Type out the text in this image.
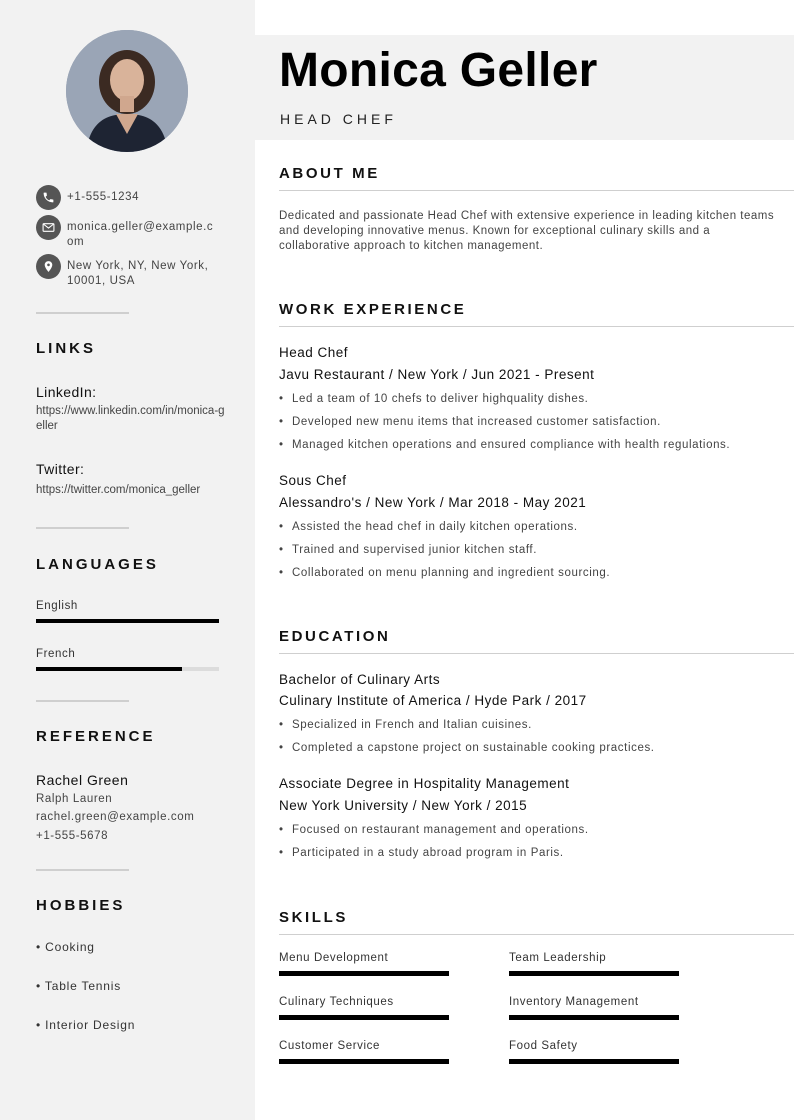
+1-555-1234
monica.geller@example.com
New York, NY, New York, 10001, USA
LINKS
LinkedIn:
https://www.linkedin.com/in/monica-geller
Twitter:
https://twitter.com/monica_geller
LANGUAGES
English
French
REFERENCE
Rachel Green
Ralph Lauren
rachel.green@example.com
+1-555-5678
HOBBIES
• Cooking
• Table Tennis
• Interior Design
Monica Geller
HEAD CHEF
ABOUT ME
Dedicated and passionate Head Chef with extensive experience in leading kitchen teams and developing innovative menus. Known for exceptional culinary skills and a collaborative approach to kitchen management.
WORK EXPERIENCE
Head Chef
Javu Restaurant / New York / Jun 2021 - Present
• Led a team of 10 chefs to deliver highquality dishes.
• Developed new menu items that increased customer satisfaction.
• Managed kitchen operations and ensured compliance with health regulations.
Sous Chef
Alessandro's / New York / Mar 2018 - May 2021
• Assisted the head chef in daily kitchen operations.
• Trained and supervised junior kitchen staff.
• Collaborated on menu planning and ingredient sourcing.
EDUCATION
Bachelor of Culinary Arts
Culinary Institute of America / Hyde Park / 2017
• Specialized in French and Italian cuisines.
• Completed a capstone project on sustainable cooking practices.
Associate Degree in Hospitality Management
New York University / New York / 2015
• Focused on restaurant management and operations.
• Participated in a study abroad program in Paris.
SKILLS
Menu Development	Team Leadership
Culinary Techniques	Inventory Management
Customer Service	Food Safety
